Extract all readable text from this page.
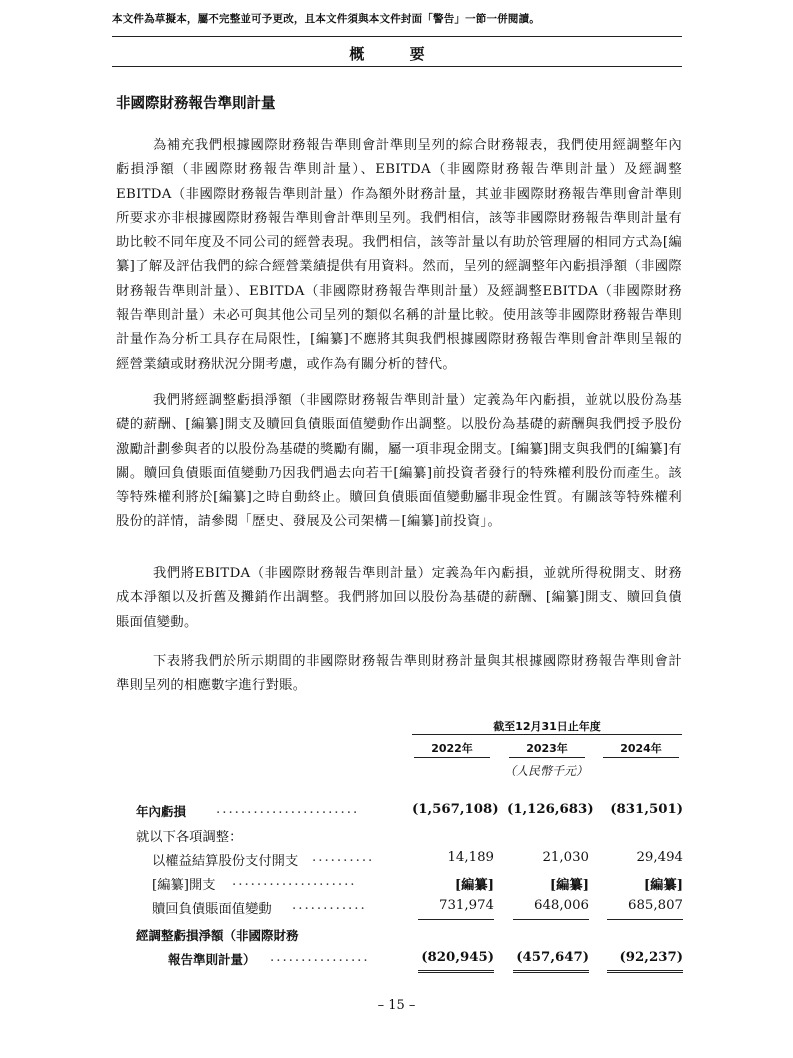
本文件為草擬本，屬不完整並可予更改，且本文件須與本文件封面「警告」一節一併閱讀。
概 要
非國際財務報告準則計量

為補充我們根據國際財務報告準則會計準則呈列的綜合財務報表，我們使用經調整年內虧損淨額（非國際財務報告準則計量）、EBITDA（非國際財務報告準則計量）及經調整EBITDA（非國際財務報告準則計量）作為額外財務計量，其並非國際財務報告準則會計準則所要求亦非根據國際財務報告準則會計準則呈列。我們相信，該等非國際財務報告準則計量有助比較不同年度及不同公司的經營表現。我們相信，該等計量以有助於管理層的相同方式為[編纂]了解及評估我們的綜合經營業績提供有用資料。然而，呈列的經調整年內虧損淨額（非國際財務報告準則計量）、EBITDA（非國際財務報告準則計量）及經調整EBITDA（非國際財務報告準則計量）未必可與其他公司呈列的類似名稱的計量比較。使用該等非國際財務報告準則計量作為分析工具存在局限性，[編纂]不應將其與我們根據國際財務報告準則會計準則呈報的經營業績或財務狀況分開考慮，或作為有關分析的替代。

我們將經調整虧損淨額（非國際財務報告準則計量）定義為年內虧損，並就以股份為基礎的薪酬、[編纂]開支及贖回負債賬面值變動作出調整。以股份為基礎的薪酬與我們授予股份激勵計劃參與者的以股份為基礎的獎勵有關，屬一項非現金開支。[編纂]開支與我們的[編纂]有關。贖回負債賬面值變動乃因我們過去向若干[編纂]前投資者發行的特殊權利股份而產生。該等特殊權利將於[編纂]之時自動終止。贖回負債賬面值變動屬非現金性質。有關該等特殊權利股份的詳情，請參閱「歷史、發展及公司架構－[編纂]前投資」。

我們將EBITDA（非國際財務報告準則計量）定義為年內虧損，並就所得稅開支、財務成本淨額以及折舊及攤銷作出調整。我們將加回以股份為基礎的薪酬、[編纂]開支、贖回負債賬面值變動。

下表將我們於所示期間的非國際財務報告準則財務計量與其根據國際財務報告準則會計準則呈列的相應數字進行對賬。

截至12月31日止年度
2022年	2023年	2024年
（人民幣千元）
年內虧損 .......................	(1,567,108) (1,126,683)	(831,501)
就以下各項調整：
以權益結算股份支付開支 ..........	14,189	21,030	29,494
[編纂]開支 ....................	[編纂]	[編纂]	[編纂]
贖回負債賬面值變動 ............	731,974	648,006	685,807
經調整虧損淨額（非國際財務
報告準則計量） ................	(820,945)	(457,647)	(92,237)
– 15 –
